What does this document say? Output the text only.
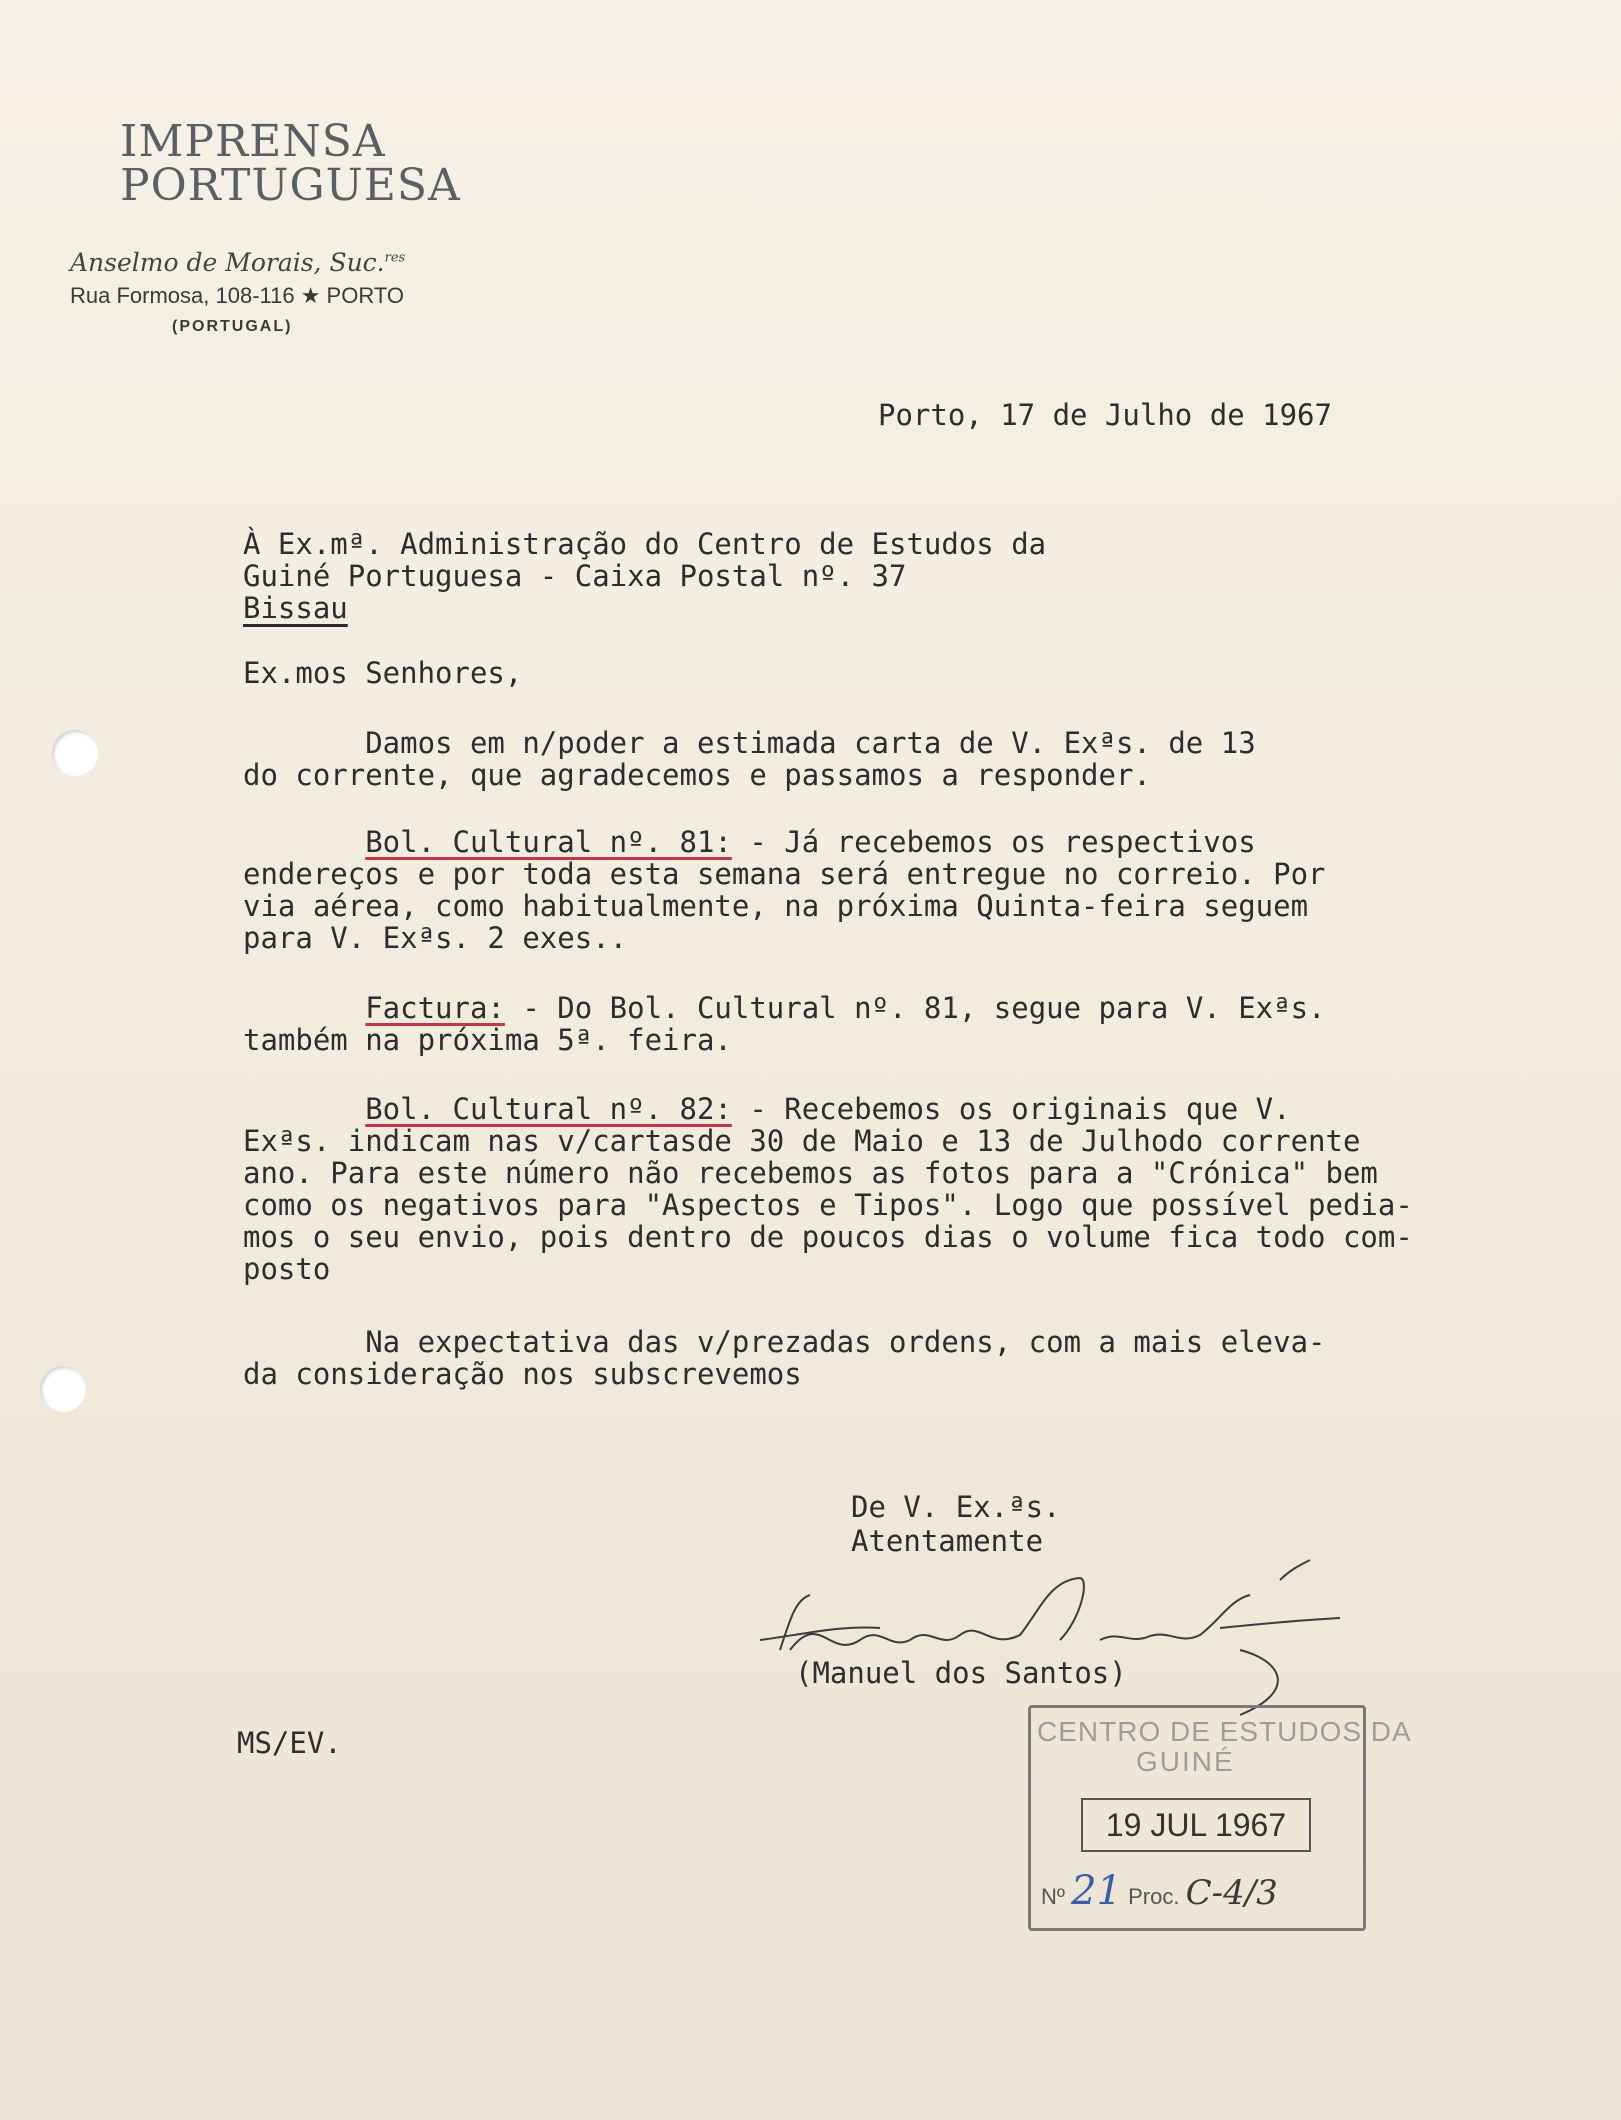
IMPRENSA
PORTUGUESA
Anselmo de Morais, Suc.$^{res}$
Rua Formosa, 108-116 ★ PORTO
(PORTUGAL)
Porto, 17 de Julho de 1967
À Ex.mª. Administração do Centro de Estudos da
Guiné Portuguesa - Caixa Postal nº. 37
Bissau
Ex.mos Senhores,
Damos em n/poder a estimada carta de V. Exªs. de 13
do corrente, que agradecemos e passamos a responder.
Bol. Cultural nº. 81: - Já recebemos os respectivos
endereços e por toda esta semana será entregue no correio. Por
via aérea, como habitualmente, na próxima Quinta-feira seguem
para V. Exªs. 2 exes..
Factura: - Do Bol. Cultural nº. 81, segue para V. Exªs.
também na próxima 5ª. feira.
Bol. Cultural nº. 82: - Recebemos os originais que V.
Exªs. indicam nas v/cartasde 30 de Maio e 13 de Julhodo corrente
ano. Para este número não recebemos as fotos para a "Crónica" bem
como os negativos para "Aspectos e Tipos". Logo que possível pedia-
mos o seu envio, pois dentro de poucos dias o volume fica todo com-
posto
Na expectativa das v/prezadas ordens, com a mais eleva-
da consideração nos subscrevemos
De V. Ex.ªs.
Atentamente
(Manuel dos Santos)
MS/EV.	CENTRO DE ESTUDOS DA
GUINÉ
19 JUL 1967
Nº 21 Proc. C-4/3
